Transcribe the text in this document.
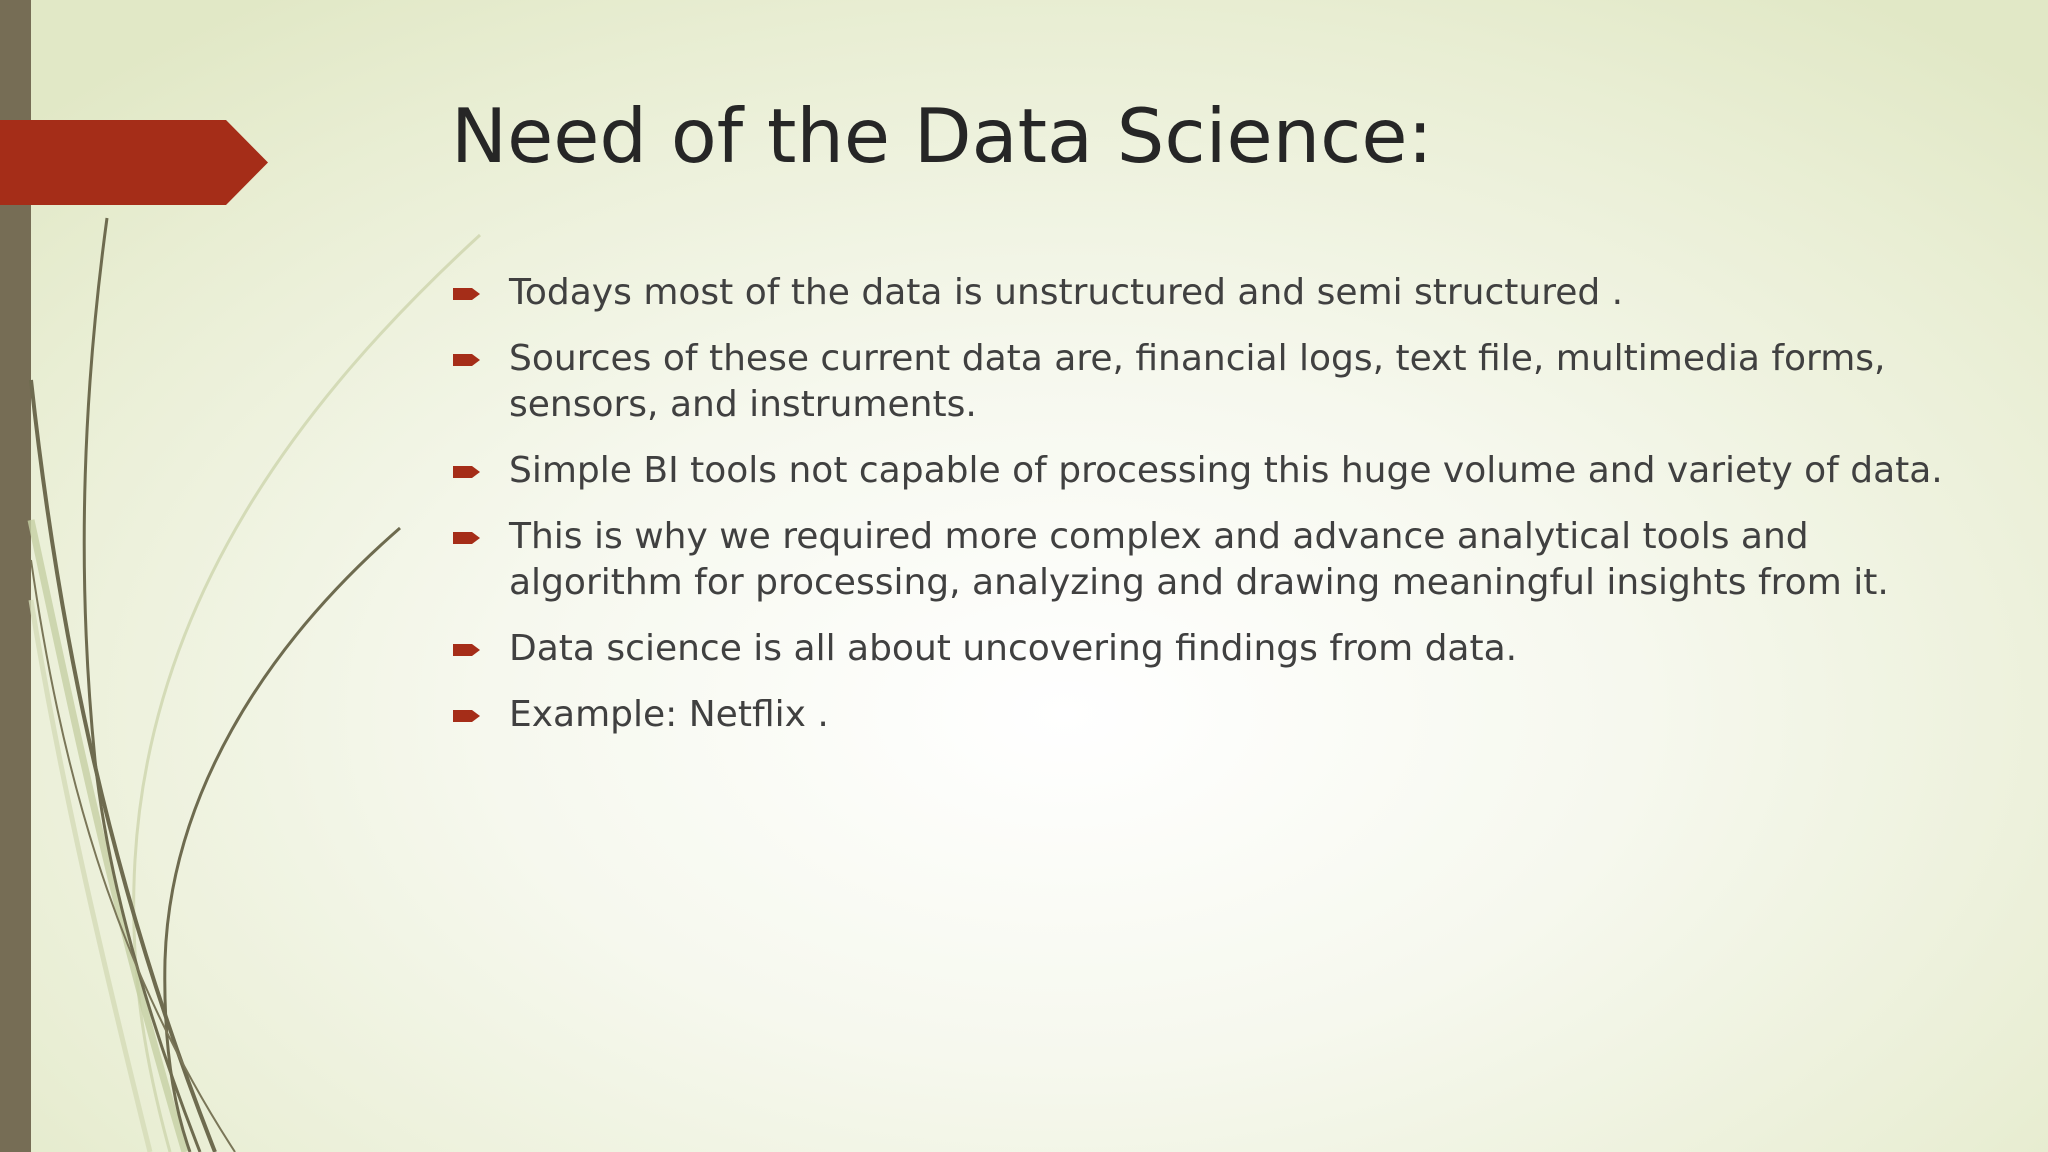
Need of the Data Science:
Todays most of the data is unstructured and semi structured .
Sources of these current data are, financial logs, text file, multimedia forms, sensors, and instruments.
Simple BI tools not capable of processing this huge volume and variety of data.
This is why we required more complex and advance analytical tools and algorithm for processing, analyzing and drawing meaningful insights from it.
Data science is all about uncovering findings from data.
Example: Netflix .
